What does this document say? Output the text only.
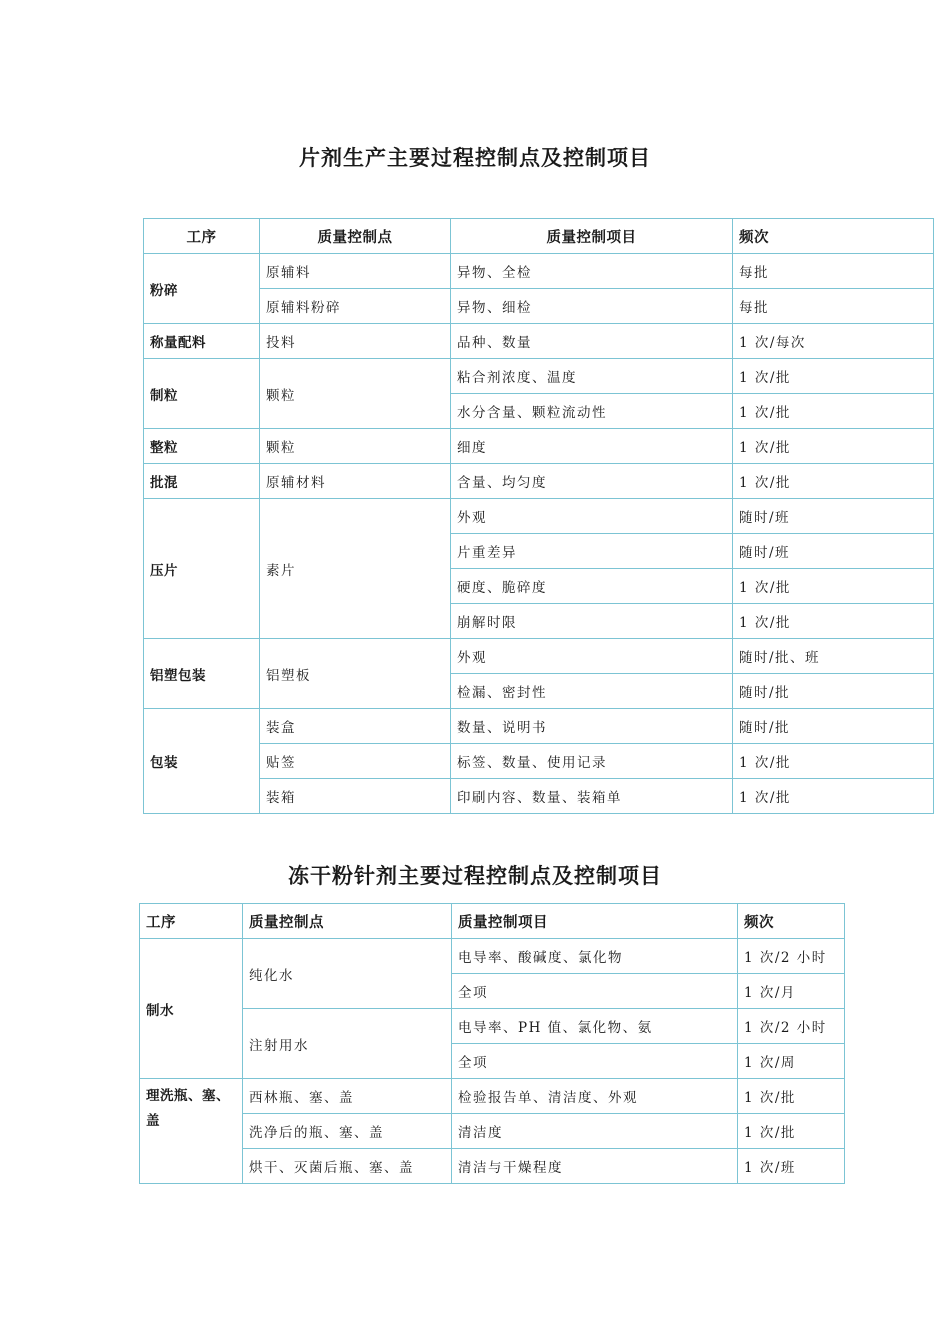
片剂生产主要过程控制点及控制项目
工序	质量控制点	质量控制项目	频次
粉碎	原辅料	异物、全检	每批
	原辅料粉碎	异物、细检	每批
称量配料	投料	品种、数量	1 次/每次
制粒	颗粒	粘合剂浓度、温度	1 次/批
		水分含量、颗粒流动性	1 次/批
整粒	颗粒	细度	1 次/批
批混	原辅材料	含量、均匀度	1 次/批
压片	素片	外观	随时/班
		片重差异	随时/班
		硬度、脆碎度	1 次/批
		崩解时限	1 次/批
铝塑包装	铝塑板	外观	随时/批、班
		检漏、密封性	随时/批
包装	装盒	数量、说明书	随时/批
	贴签	标签、数量、使用记录	1 次/批
	装箱	印刷内容、数量、装箱单	1 次/批
冻干粉针剂主要过程控制点及控制项目
工序	质量控制点	质量控制项目	频次
制水	纯化水	电导率、酸碱度、氯化物	1 次/2 小时
		全项	1 次/月
	注射用水	电导率、PH 值、氯化物、氨	1 次/2 小时
		全项	1 次/周
理洗瓶、塞、盖	西林瓶、塞、盖	检验报告单、清洁度、外观	1 次/批
	洗净后的瓶、塞、盖	清洁度	1 次/批
	烘干、灭菌后瓶、塞、盖	清洁与干燥程度	1 次/班
